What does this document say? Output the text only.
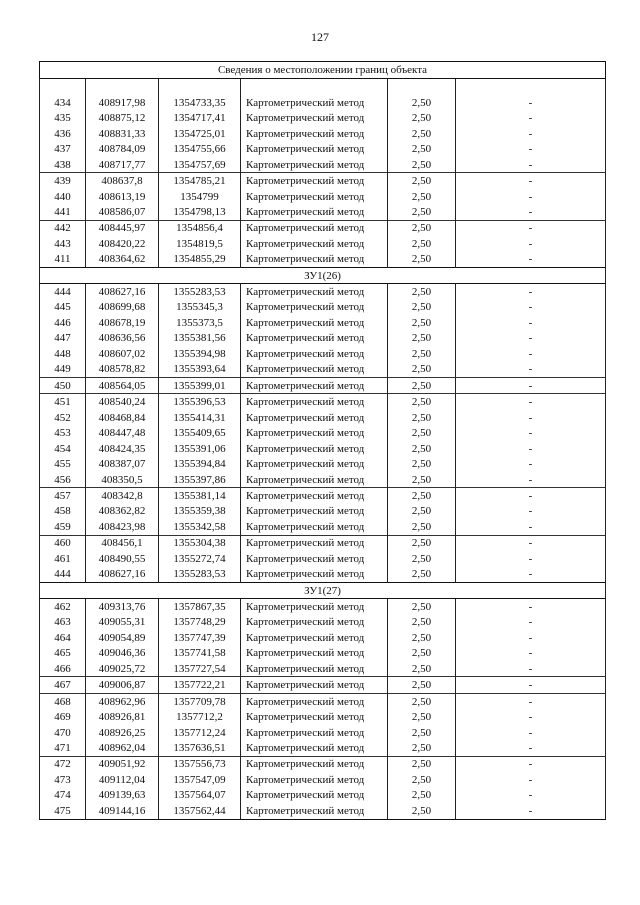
127
Сведения о местоположении границ объекта					

434	408917,98	1354733,35	Картометрический метод	2,50	-
435	408875,12	1354717,41	Картометрический метод	2,50	-
436	408831,33	1354725,01	Картометрический метод	2,50	-
437	408784,09	1354755,66	Картометрический метод	2,50	-
438	408717,77	1354757,69	Картометрический метод	2,50	-
439	408637,8	1354785,21	Картометрический метод	2,50	-
440	408613,19	1354799	Картометрический метод	2,50	-
441	408586,07	1354798,13	Картометрический метод	2,50	-
442	408445,97	1354856,4	Картометрический метод	2,50	-
443	408420,22	1354819,5	Картометрический метод	2,50	-
411	408364,62	1354855,29	Картометрический метод	2,50	-
ЗУ1(26)					
444	408627,16	1355283,53	Картометрический метод	2,50	-
445	408699,68	1355345,3	Картометрический метод	2,50	-
446	408678,19	1355373,5	Картометрический метод	2,50	-
447	408636,56	1355381,56	Картометрический метод	2,50	-
448	408607,02	1355394,98	Картометрический метод	2,50	-
449	408578,82	1355393,64	Картометрический метод	2,50	-
450	408564,05	1355399,01	Картометрический метод	2,50	-
451	408540,24	1355396,53	Картометрический метод	2,50	-
452	408468,84	1355414,31	Картометрический метод	2,50	-
453	408447,48	1355409,65	Картометрический метод	2,50	-
454	408424,35	1355391,06	Картометрический метод	2,50	-
455	408387,07	1355394,84	Картометрический метод	2,50	-
456	408350,5	1355397,86	Картометрический метод	2,50	-
457	408342,8	1355381,14	Картометрический метод	2,50	-
458	408362,82	1355359,38	Картометрический метод	2,50	-
459	408423,98	1355342,58	Картометрический метод	2,50	-
460	408456,1	1355304,38	Картометрический метод	2,50	-
461	408490,55	1355272,74	Картометрический метод	2,50	-
444	408627,16	1355283,53	Картометрический метод	2,50	-
ЗУ1(27)					
462	409313,76	1357867,35	Картометрический метод	2,50	-
463	409055,31	1357748,29	Картометрический метод	2,50	-
464	409054,89	1357747,39	Картометрический метод	2,50	-
465	409046,36	1357741,58	Картометрический метод	2,50	-
466	409025,72	1357727,54	Картометрический метод	2,50	-
467	409006,87	1357722,21	Картометрический метод	2,50	-
468	408962,96	1357709,78	Картометрический метод	2,50	-
469	408926,81	1357712,2	Картометрический метод	2,50	-
470	408926,25	1357712,24	Картометрический метод	2,50	-
471	408962,04	1357636,51	Картометрический метод	2,50	-
472	409051,92	1357556,73	Картометрический метод	2,50	-
473	409112,04	1357547,09	Картометрический метод	2,50	-
474	409139,63	1357564,07	Картометрический метод	2,50	-
475	409144,16	1357562,44	Картометрический метод	2,50	-
